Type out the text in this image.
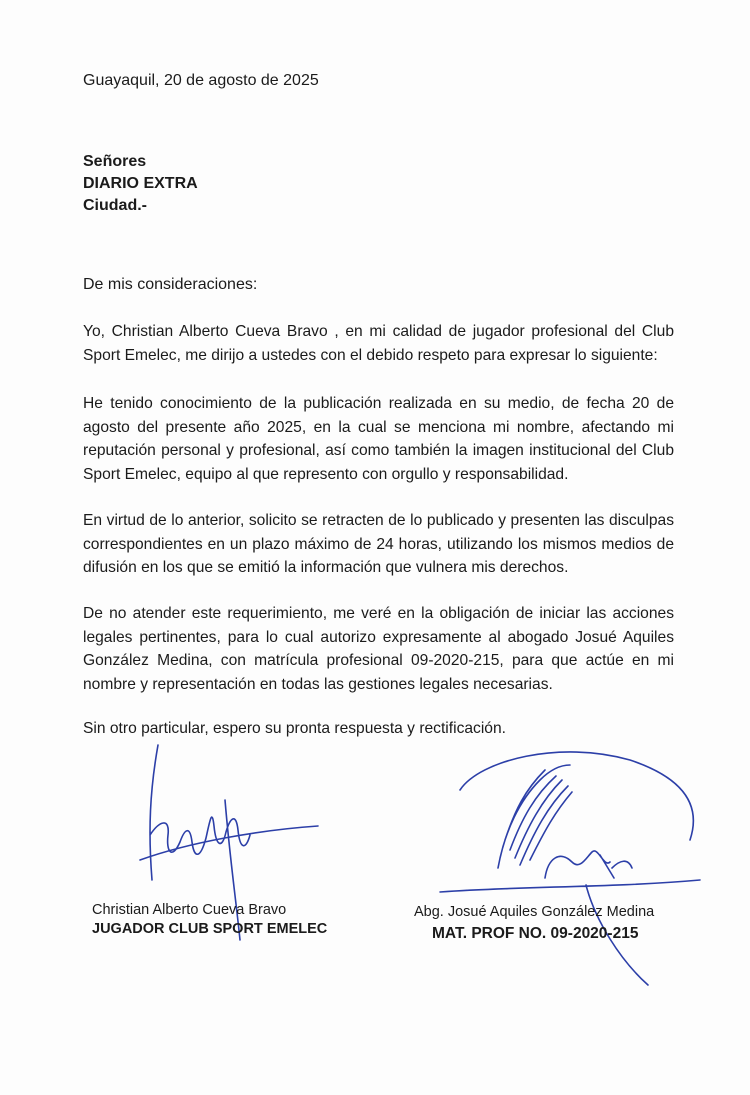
Guayaquil, 20 de agosto de 2025
Señores
DIARIO EXTRA
Ciudad.-
De mis consideraciones:
Yo, Christian Alberto Cueva Bravo , en mi calidad de jugador profesional del Club Sport Emelec, me dirijo a ustedes con el debido respeto para expresar lo siguiente:
He tenido conocimiento de la publicación realizada en su medio, de fecha 20 de agosto del presente año 2025, en la cual se menciona mi nombre, afectando mi reputación personal y profesional, así como también la imagen institucional del Club Sport Emelec, equipo al que represento con orgullo y responsabilidad.
En virtud de lo anterior, solicito se retracten de lo publicado y presenten las disculpas correspondientes en un plazo máximo de 24 horas, utilizando los mismos medios de difusión en los que se emitió la información que vulnera mis derechos.
De no atender este requerimiento, me veré en la obligación de iniciar las acciones legales pertinentes, para lo cual autorizo expresamente al abogado Josué Aquiles González Medina, con matrícula profesional 09-2020-215, para que actúe en mi nombre y representación en todas las gestiones legales necesarias.
Sin otro particular, espero su pronta respuesta y rectificación.
Christian Alberto Cueva Bravo
JUGADOR CLUB SPORT EMELEC
Abg. Josué Aquiles González Medina
MAT. PROF NO. 09-2020-215
